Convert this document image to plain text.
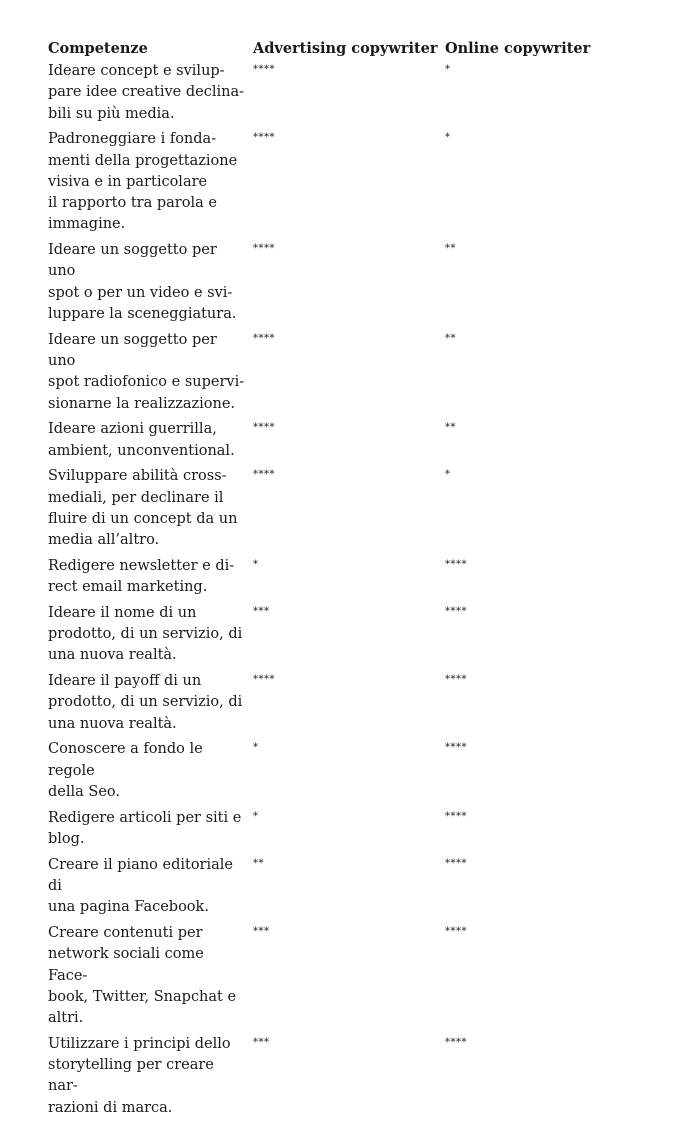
Competenze	Advertising copywriter	Online copywriter
Ideare concept e svilup-
pare idee creative declina-
bili su più media.	****	*
Padroneggiare i fonda-
menti della progettazione
visiva e in particolare
il rapporto tra parola e
immagine.	****	*
Ideare un soggetto per uno
spot o per un video e svi-
luppare la sceneggiatura.	****	**
Ideare un soggetto per uno
spot radiofonico e supervi-
sionarne la realizzazione.	****	**
Ideare azioni guerrilla,
ambient, unconventional.	****	**
Sviluppare abilità cross-
mediali, per declinare il
fluire di un concept da un
media all’altro.	****	*
Redigere newsletter e di-
rect email marketing.	*	****
Ideare il nome di un
prodotto, di un servizio, di
una nuova realtà.	***	****
Ideare il payoff di un
prodotto, di un servizio, di
una nuova realtà.	****	****
Conoscere a fondo le regole
della Seo.	*	****
Redigere articoli per siti e
blog.	*	****
Creare il piano editoriale di
una pagina Facebook.	**	****
Creare contenuti per
network sociali come Face-
book, Twitter, Snapchat e
altri.	***	****
Utilizzare i principi dello
storytelling per creare nar-
razioni di marca.	***	****
